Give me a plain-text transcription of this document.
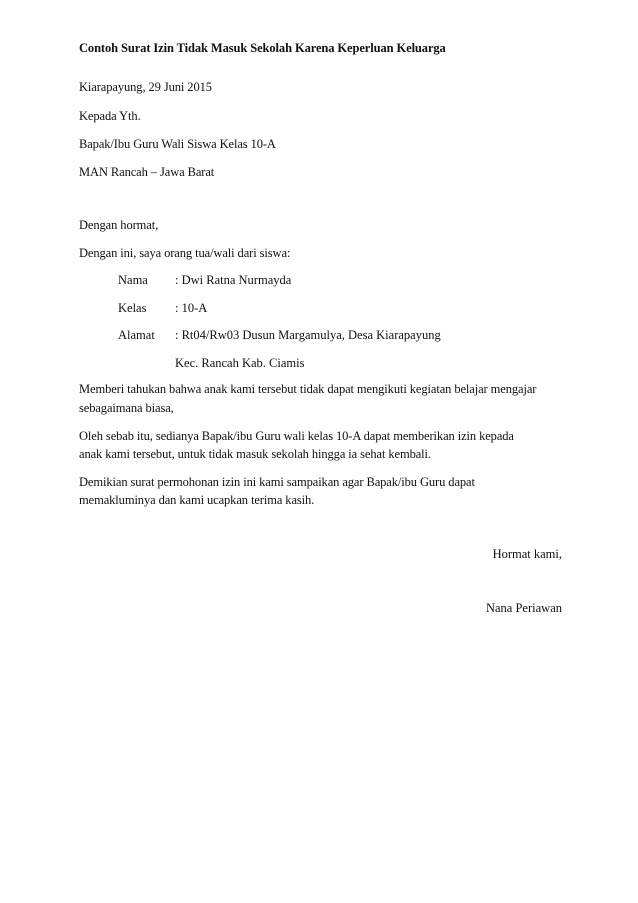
Contoh Surat Izin Tidak Masuk Sekolah Karena Keperluan Keluarga
Kiarapayung, 29 Juni 2015
Kepada Yth.
Bapak/Ibu Guru Wali Siswa Kelas 10-A
MAN Rancah – Jawa Barat
Dengan hormat,
Dengan ini, saya orang tua/wali dari siswa:
Nama : Dwi Ratna Nurmayda
Kelas : 10-A
Alamat : Rt04/Rw03 Dusun Margamulya, Desa Kiarapayung
Kec. Rancah Kab. Ciamis
Memberi tahukan bahwa anak kami tersebut tidak dapat mengikuti kegiatan belajar mengajar
sebagaimana biasa,
Oleh sebab itu, sedianya Bapak/ibu Guru wali kelas 10-A dapat memberikan izin kepada
anak kami tersebut, untuk tidak masuk sekolah hingga ia sehat kembali.
Demikian surat permohonan izin ini kami sampaikan agar Bapak/ibu Guru dapat
memakluminya dan kami ucapkan terima kasih.
Hormat kami,
Nana Periawan
